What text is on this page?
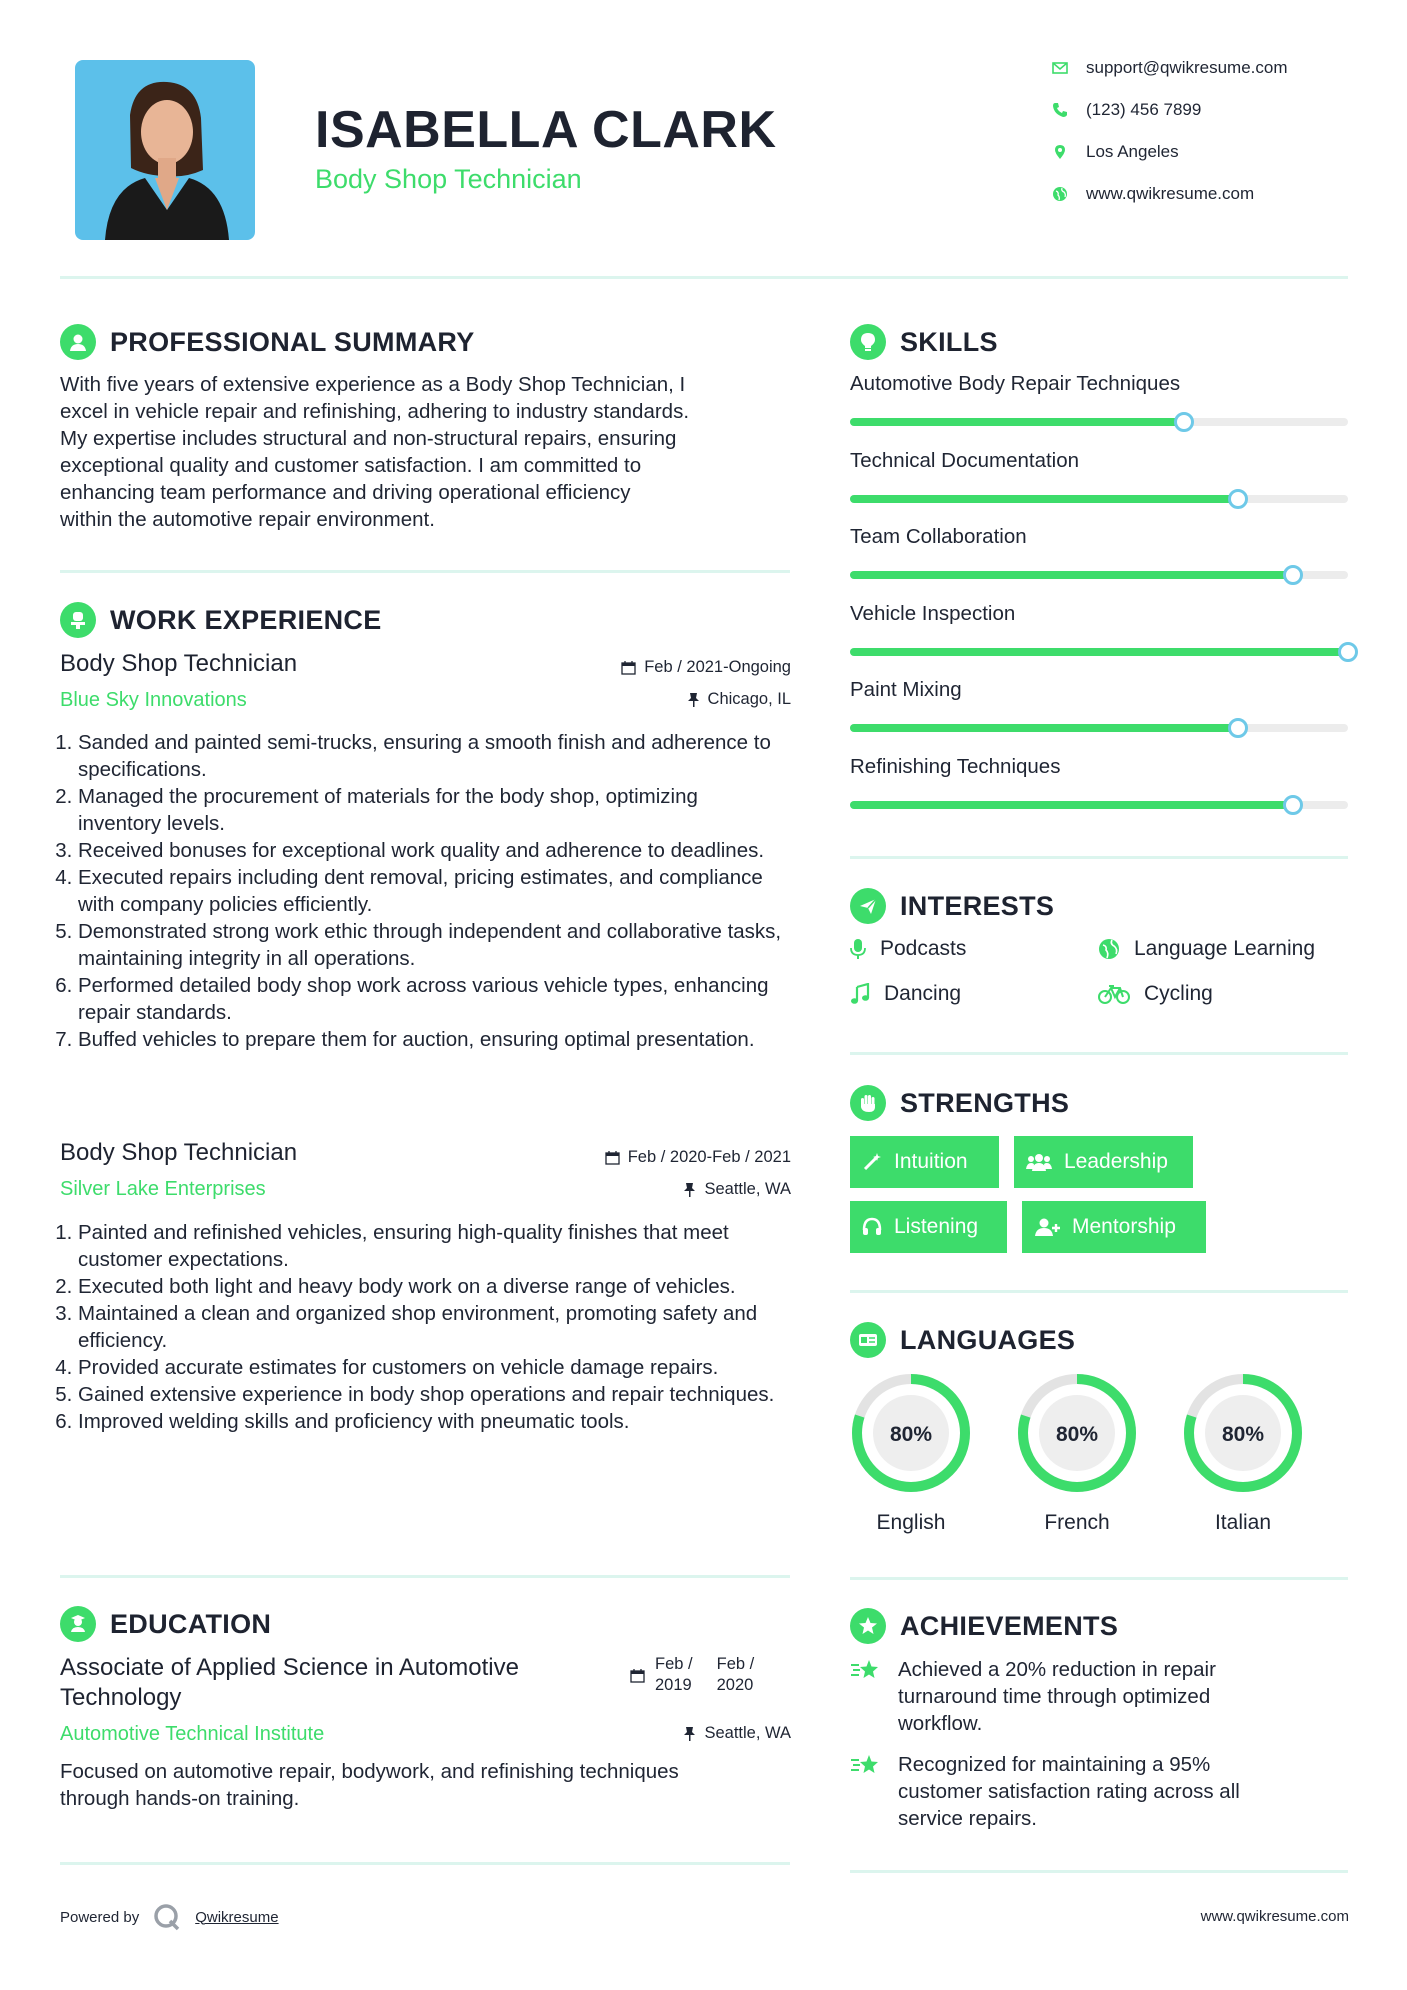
ISABELLA CLARK
Body Shop Technician
support@qwikresume.com
(123) 456 7899
Los Angeles
www.qwikresume.com
PROFESSIONAL SUMMARY
With five years of extensive experience as a Body Shop Technician, I
excel in vehicle repair and refinishing, adhering to industry standards.
My expertise includes structural and non-structural repairs, ensuring
exceptional quality and customer satisfaction. I am committed to
enhancing team performance and driving operational efficiency
within the automotive repair environment.
WORK EXPERIENCE
Body Shop Technician	Feb / 2021-Ongoing
Blue Sky Innovations	Chicago, IL
1. Sanded and painted semi-trucks, ensuring a smooth finish and adherence to specifications.
2. Managed the procurement of materials for the body shop, optimizing inventory levels.
3. Received bonuses for exceptional work quality and adherence to deadlines.
4. Executed repairs including dent removal, pricing estimates, and compliance with company policies efficiently.
5. Demonstrated strong work ethic through independent and collaborative tasks, maintaining integrity in all operations.
6. Performed detailed body shop work across various vehicle types, enhancing repair standards.
7. Buffed vehicles to prepare them for auction, ensuring optimal presentation.
Body Shop Technician	Feb / 2020-Feb / 2021
Silver Lake Enterprises	Seattle, WA
1. Painted and refinished vehicles, ensuring high-quality finishes that meet customer expectations.
2. Executed both light and heavy body work on a diverse range of vehicles.
3. Maintained a clean and organized shop environment, promoting safety and efficiency.
4. Provided accurate estimates for customers on vehicle damage repairs.
5. Gained extensive experience in body shop operations and repair techniques.
6. Improved welding skills and proficiency with pneumatic tools.
EDUCATION
Associate of Applied Science in Automotive
Technology
Feb /
2019
Feb /
2020
Automotive Technical Institute	Seattle, WA
Focused on automotive repair, bodywork, and refinishing techniques
through hands-on training.
SKILLS
Automotive Body Repair Techniques
Technical Documentation
Team Collaboration
Vehicle Inspection
Paint Mixing
Refinishing Techniques
INTERESTS
Podcasts	Language Learning
Dancing	Cycling
STRENGTHS
Intuition	Leadership
Listening	Mentorship
LANGUAGES
80%
English
80%
French
80%
Italian
ACHIEVEMENTS
Achieved a 20% reduction in repair
turnaround time through optimized
workflow.
Recognized for maintaining a 95%
customer satisfaction rating across all
service repairs.
Powered by	Qwikresume	www.qwikresume.com
